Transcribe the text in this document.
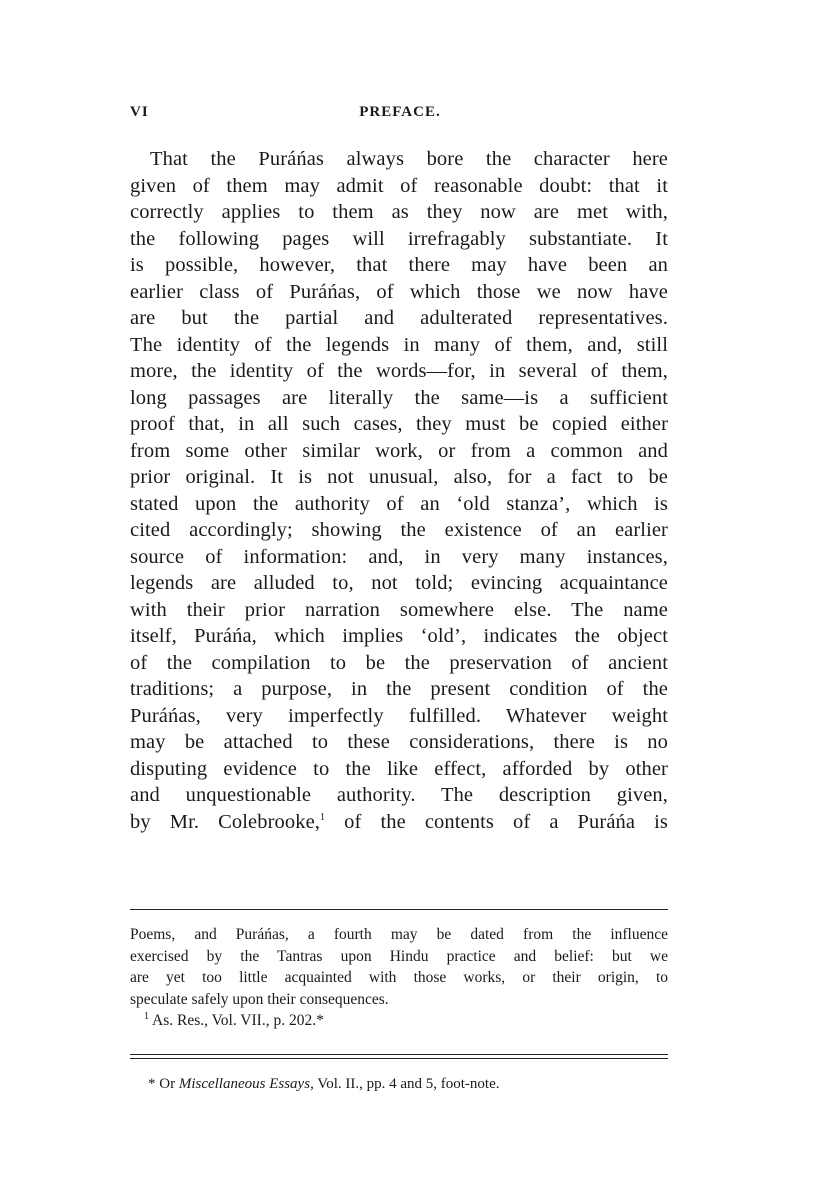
VI	PREFACE.
That the Puráńas always bore the character here
given of them may admit of reasonable doubt: that it
correctly applies to them as they now are met with,
the following pages will irrefragably substantiate. It
is possible, however, that there may have been an
earlier class of Puráńas, of which those we now have
are but the partial and adulterated representatives.
The identity of the legends in many of them, and, still
more, the identity of the words—for, in several of them,
long passages are literally the same—is a sufficient
proof that, in all such cases, they must be copied either
from some other similar work, or from a common and
prior original. It is not unusual, also, for a fact to be
stated upon the authority of an ‘old stanza’, which is
cited accordingly; showing the existence of an earlier
source of information: and, in very many instances,
legends are alluded to, not told; evincing acquaintance
with their prior narration somewhere else. The name
itself, Puráńa, which implies ‘old’, indicates the object
of the compilation to be the preservation of ancient
traditions; a purpose, in the present condition of the
Puráńas, very imperfectly fulfilled. Whatever weight
may be attached to these considerations, there is no
disputing evidence to the like effect, afforded by other
and unquestionable authority. The description given,
by Mr. Colebrooke,$^1$ of the contents of a Puráńa is
Poems, and Puráńas, a fourth may be dated from the influence
exercised by the Tantras upon Hindu practice and belief: but we
are yet too little acquainted with those works, or their origin, to
speculate safely upon their consequences.
$^1$ As. Res., Vol. VII., p. 202.*
* Or Miscellaneous Essays, Vol. II., pp. 4 and 5, foot-note.
